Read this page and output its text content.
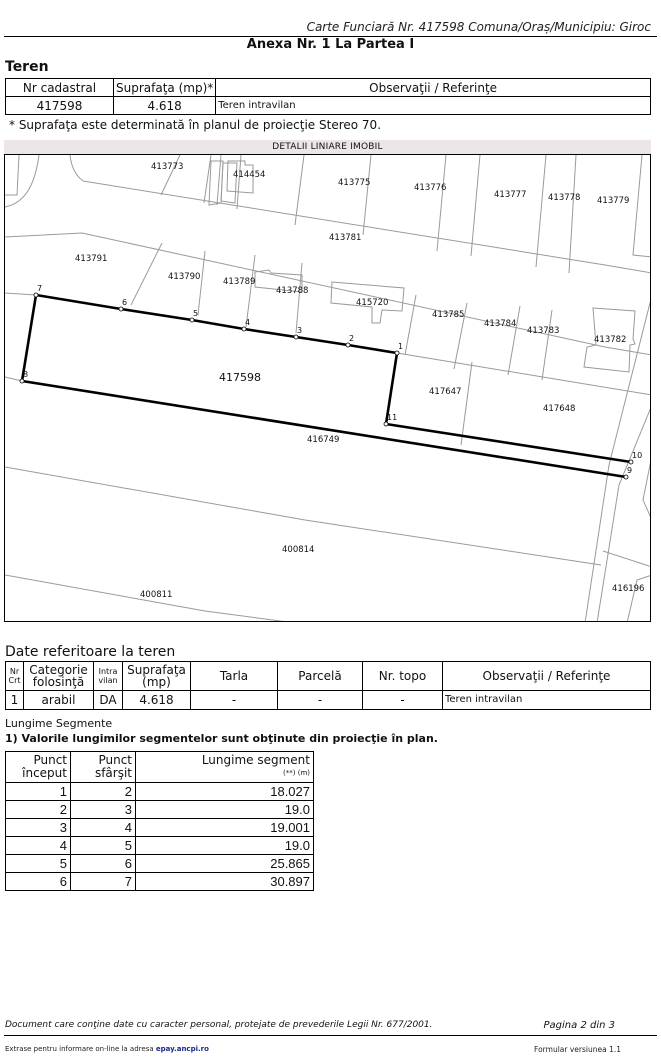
Carte Funciară Nr. 417598 Comuna/Oraș/Municipiu: Giroc
Anexa Nr. 1 La Partea I
Teren
Nr cadastral	Suprafaţa (mp)*	Observaţii / Referinţe
417598	4.618	Teren intravilan
* Suprafaţa este determinată în planul de proiecţie Stereo 70.
DETALII LINIARE IMOBIL
413773
414454
413775	413776
413777	413778 413779
413781
413791
413790	413789
413788
415720
413785
413784
413783
413782
417647
417648
416749
400814
400811
416196
1
2
3
4
5
6
7
8
9
10
11
417598
Date referitoare la teren
Nr Crt	Categorie folosinţă	Intra vilan	Suprafaţa (mp)	Tarla	Parcelă	Nr. topo	Observaţii / Referinţe
1	arabil	DA	4.618	-	-	-	Teren intravilan
Lungime Segmente
1) Valorile lungimilor segmentelor sunt obţinute din proiecţie în plan.
Punct
început	Punct
sfârşit	Lungime segment
(**) (m)

1	2	18.027
2	3	19.0
3	4	19.001
4	5	19.0
5	6	25.865
6	7	30.897
Document care conţine date cu caracter personal, protejate de prevederile Legii Nr. 677/2001.	Pagina 2 din 3
Extrase pentru informare on-line la adresa epay.ancpi.ro	Formular versiunea 1.1
